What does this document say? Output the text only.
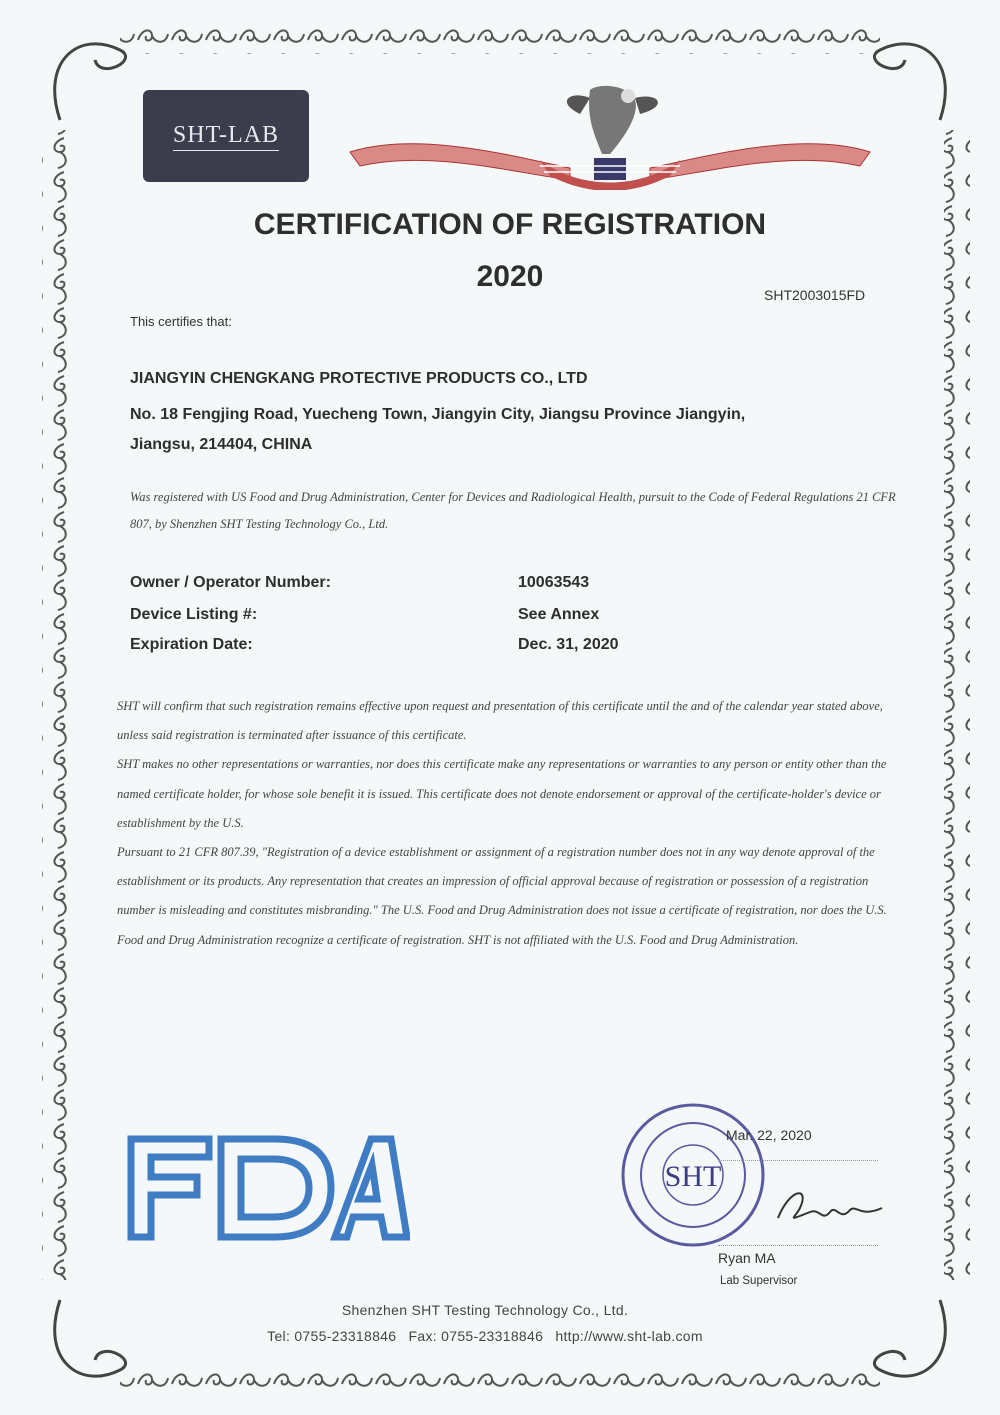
SHT-LAB
CERTIFICATION OF REGISTRATION
2020
SHT2003015FD
This certifies that:
JIANGYIN CHENGKANG PROTECTIVE PRODUCTS CO., LTD
No. 18 Fengjing Road, Yuecheng Town, Jiangyin City, Jiangsu Province Jiangyin,
Jiangsu, 214404, CHINA
Was registered with US Food and Drug Administration, Center for Devices and Radiological Health, pursuit to the Code of Federal Regulations 21 CFR 807, by Shenzhen SHT Testing Technology Co., Ltd.
Owner / Operator Number:	10063543
Device Listing #:	See Annex
Expiration Date:	Dec. 31, 2020

SHT will confirm that such registration remains effective upon request and presentation of this certificate until the and of the calendar year stated above, unless said registration is terminated after issuance of this certificate.

SHT makes no other representations or warranties, nor does this certificate make any representations or warranties to any person or entity other than the named certificate holder, for whose sole benefit it is issued. This certificate does not denote endorsement or approval of the certificate-holder's device or establishment by the U.S.

Pursuant to 21 CFR 807.39, "Registration of a device establishment or assignment of a registration number does not in any way denote approval of the establishment or its products. Any representation that creates an impression of official approval because of registration or possession of a registration number is misleading and constitutes misbranding." The U.S. Food and Drug Administration does not issue a certificate of registration, nor does the U.S. Food and Drug Administration recognize a certificate of registration. SHT is not affiliated with the U.S. Food and Drug Administration.

SHT
Mar. 22, 2020
Ryan MA
Lab Supervisor
Shenzhen SHT Testing Technology Co., Ltd.
Tel: 0755-23318846 Fax: 0755-23318846 http://www.sht-lab.com
